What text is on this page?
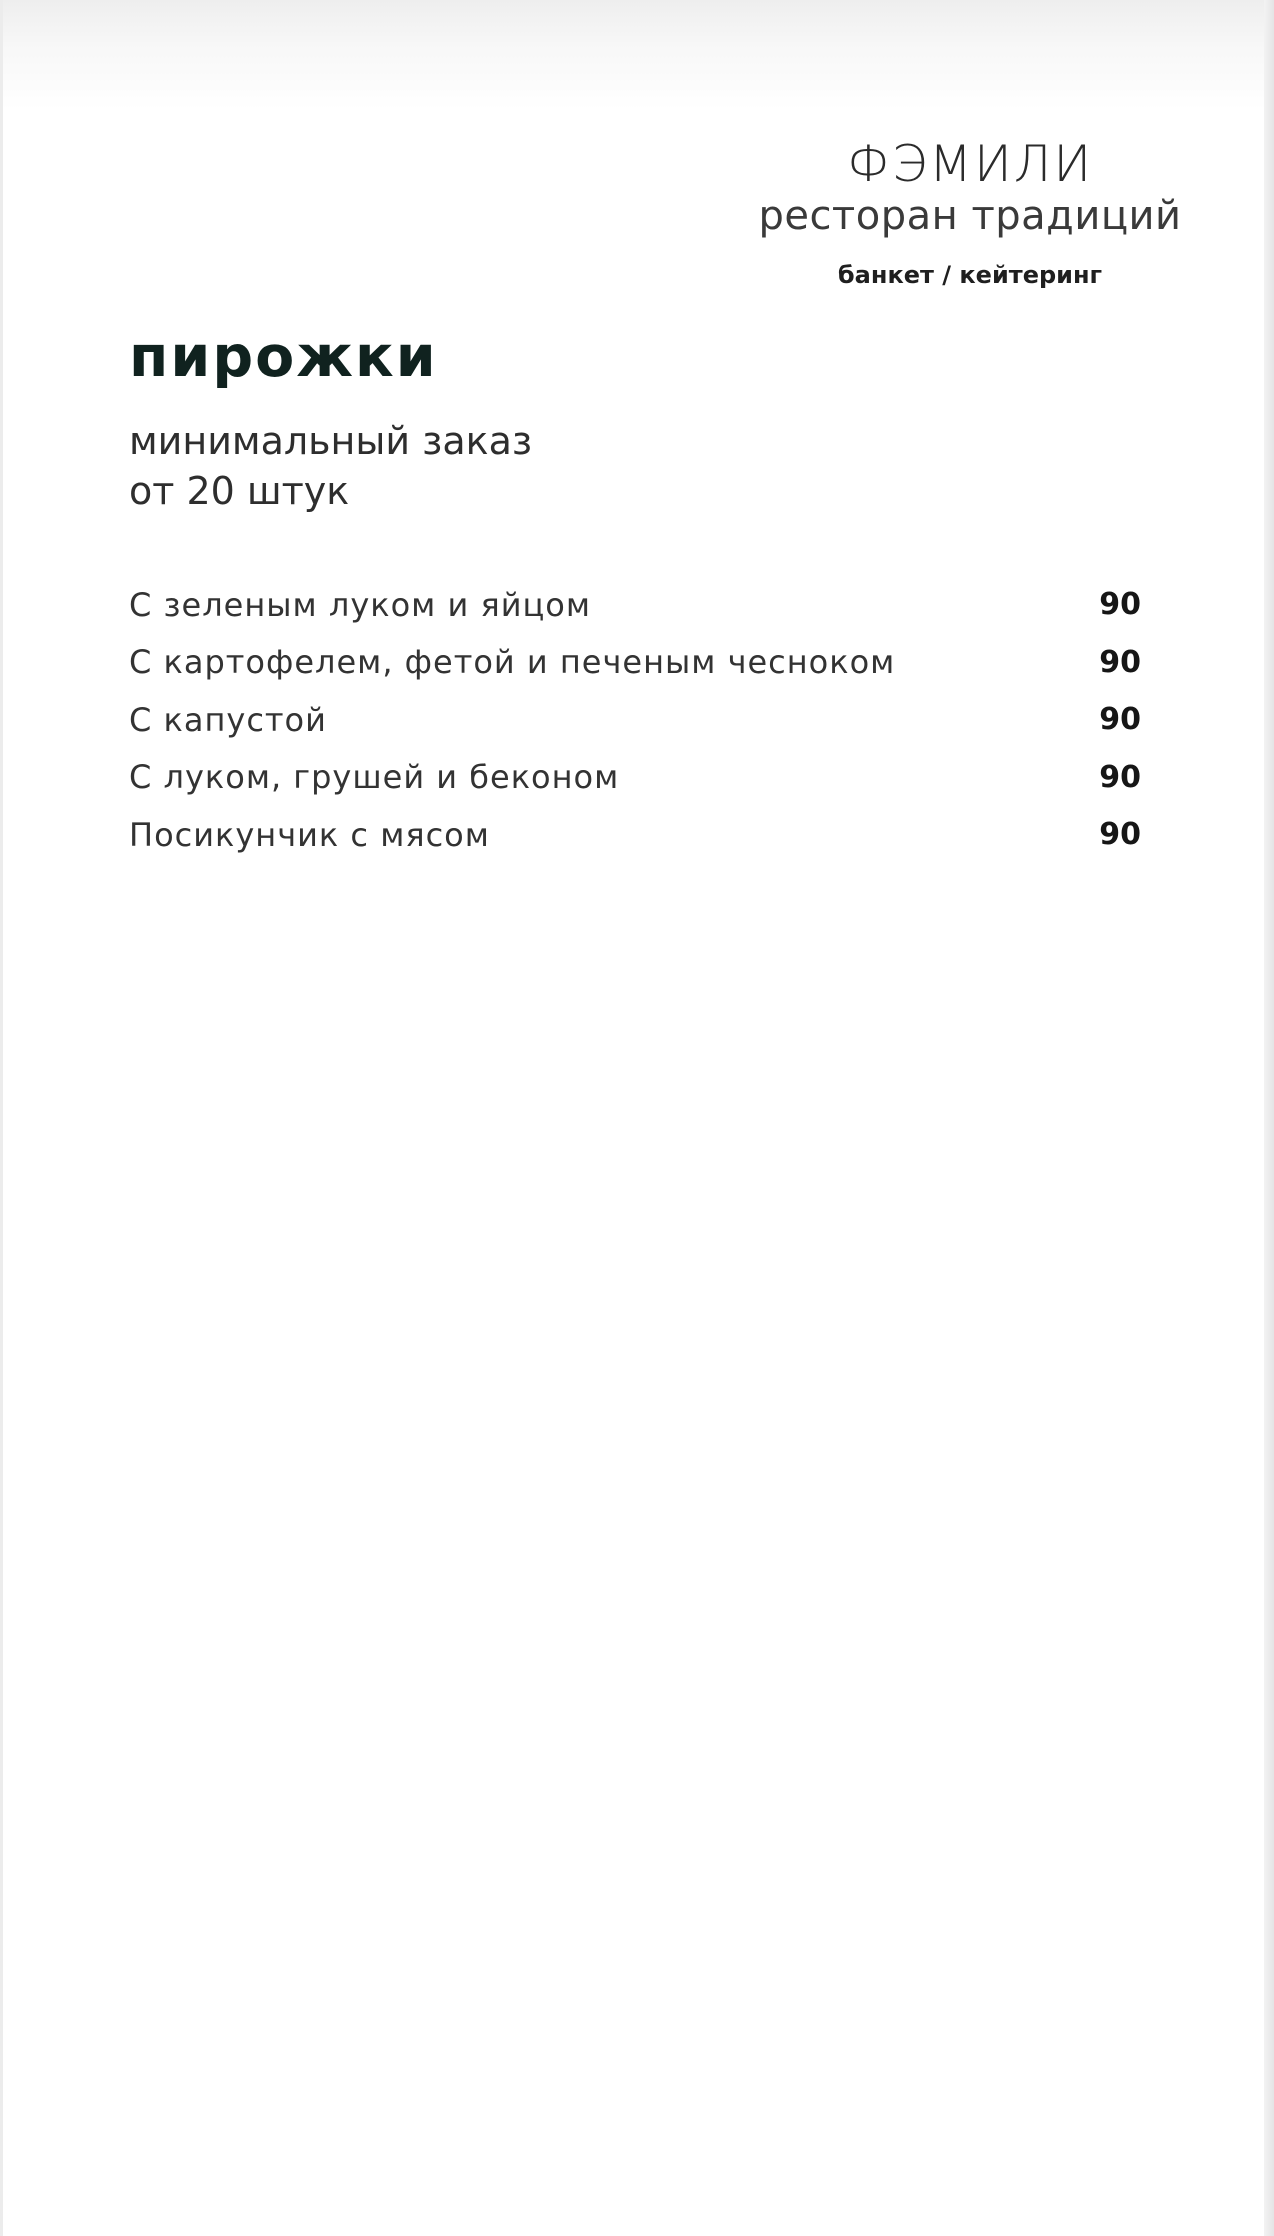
ФЭМИЛИ
ресторан традиций
банкет / кейтеринг
пирожки
минимальный заказ
от 20 штук
С зеленым луком и яйцом	90
С картофелем, фетой и печеным чесноком	90
С капустой	90
С луком, грушей и беконом	90
Посикунчик с мясом	90
